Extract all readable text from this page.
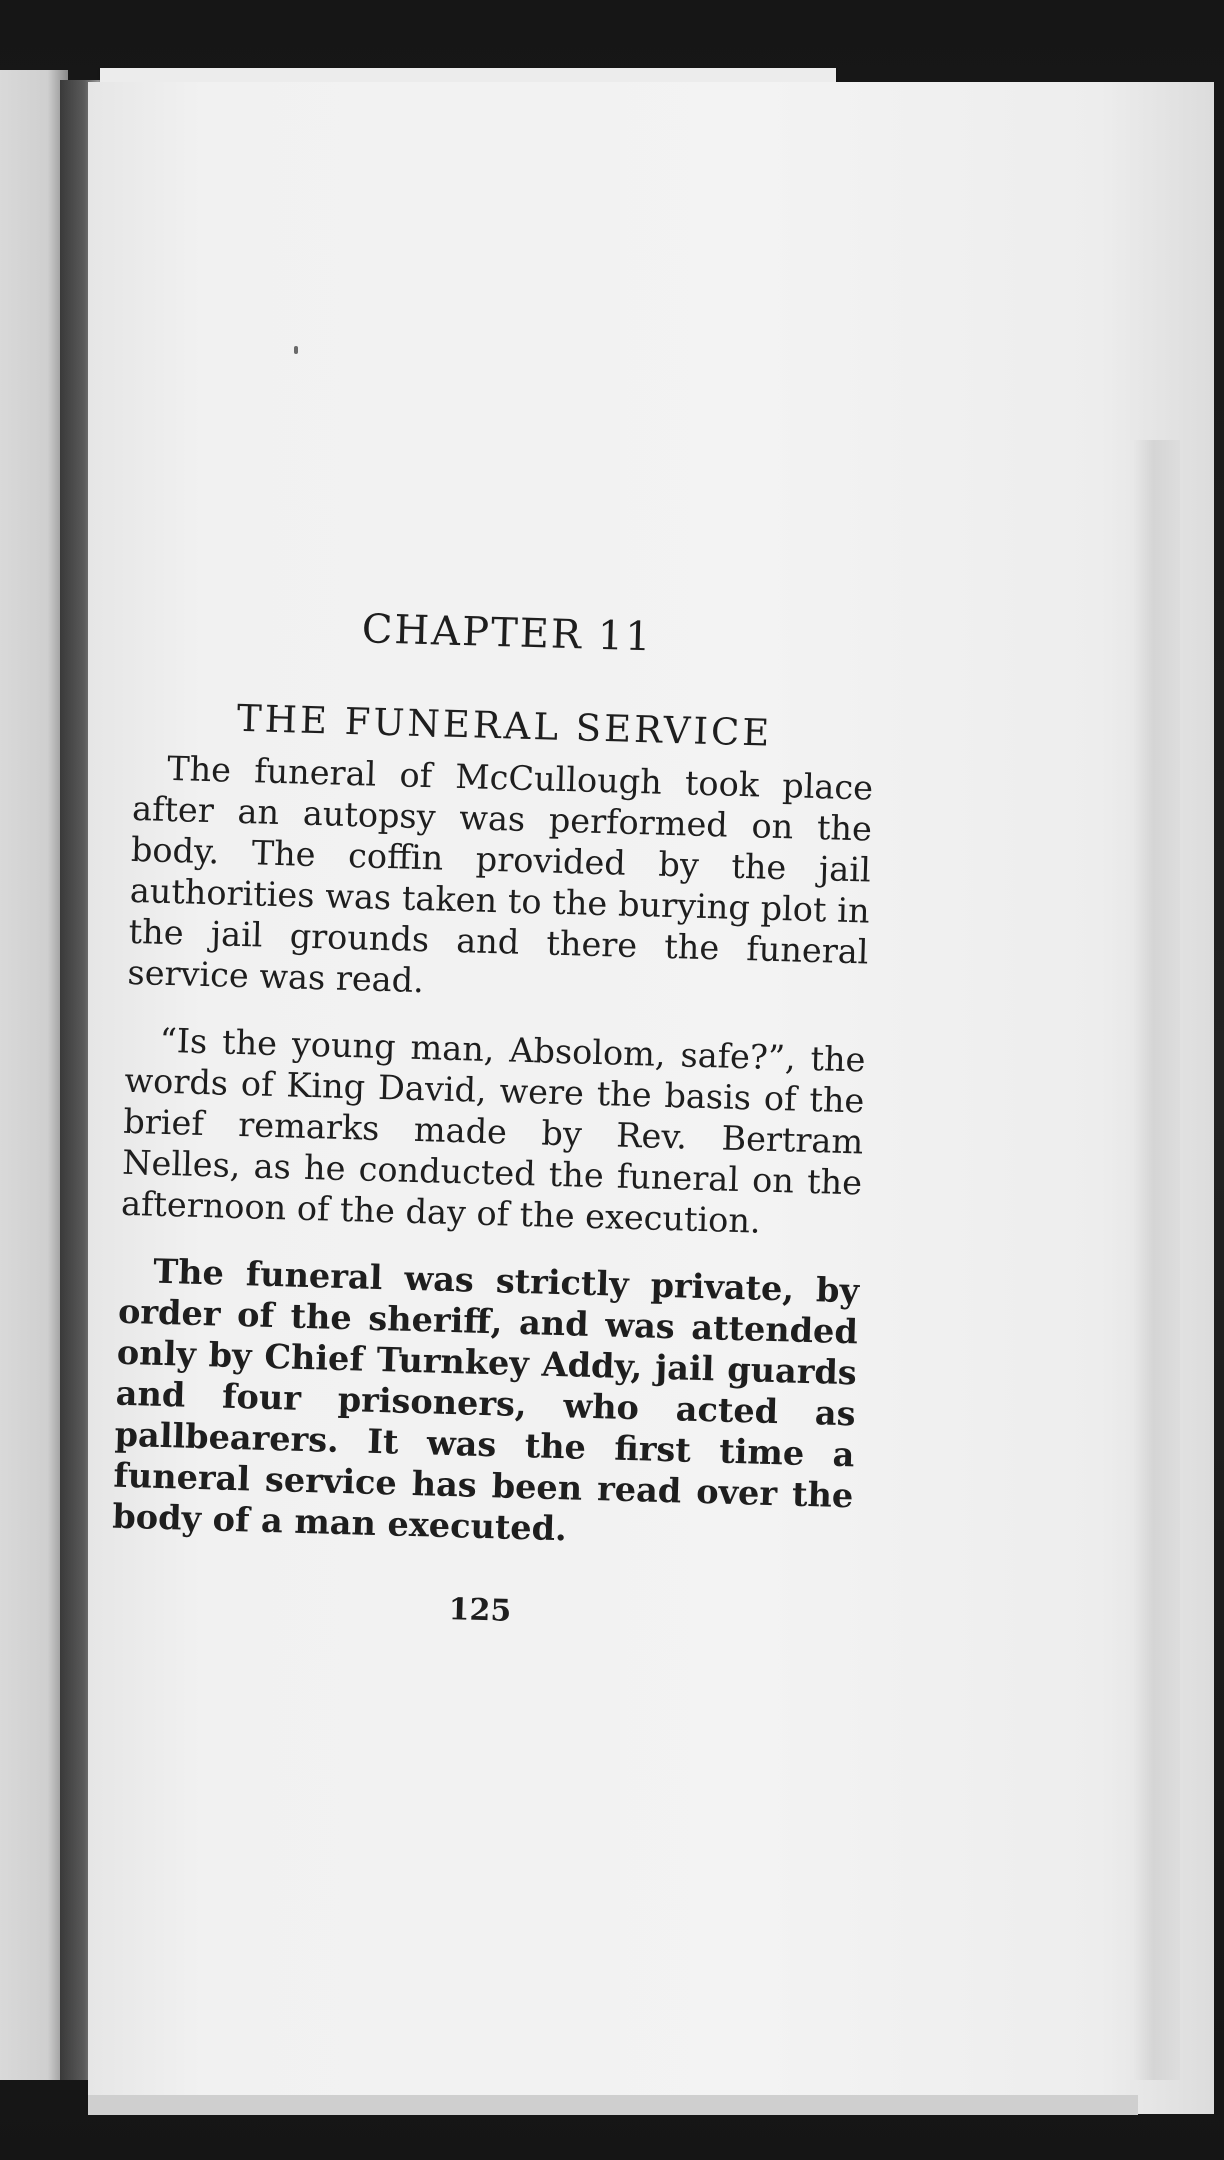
CHAPTER 11
THE FUNERAL SERVICE

The funeral of McCullough took place after an autopsy was performed on the body. The coffin provided by the jail authorities was taken to the burying plot in the jail grounds and there the funeral service was read.

“Is the young man, Absolom, safe?”, the words of King David, were the basis of the brief remarks made by Rev. Bertram Nelles, as he conducted the funeral on the afternoon of the day of the execution.

The funeral was strictly private, by order of the sheriff, and was attended only by Chief Turnkey Addy, jail guards and four prisoners, who acted as pallbearers. It was the first time a funeral service has been read over the body of a man executed.

125
